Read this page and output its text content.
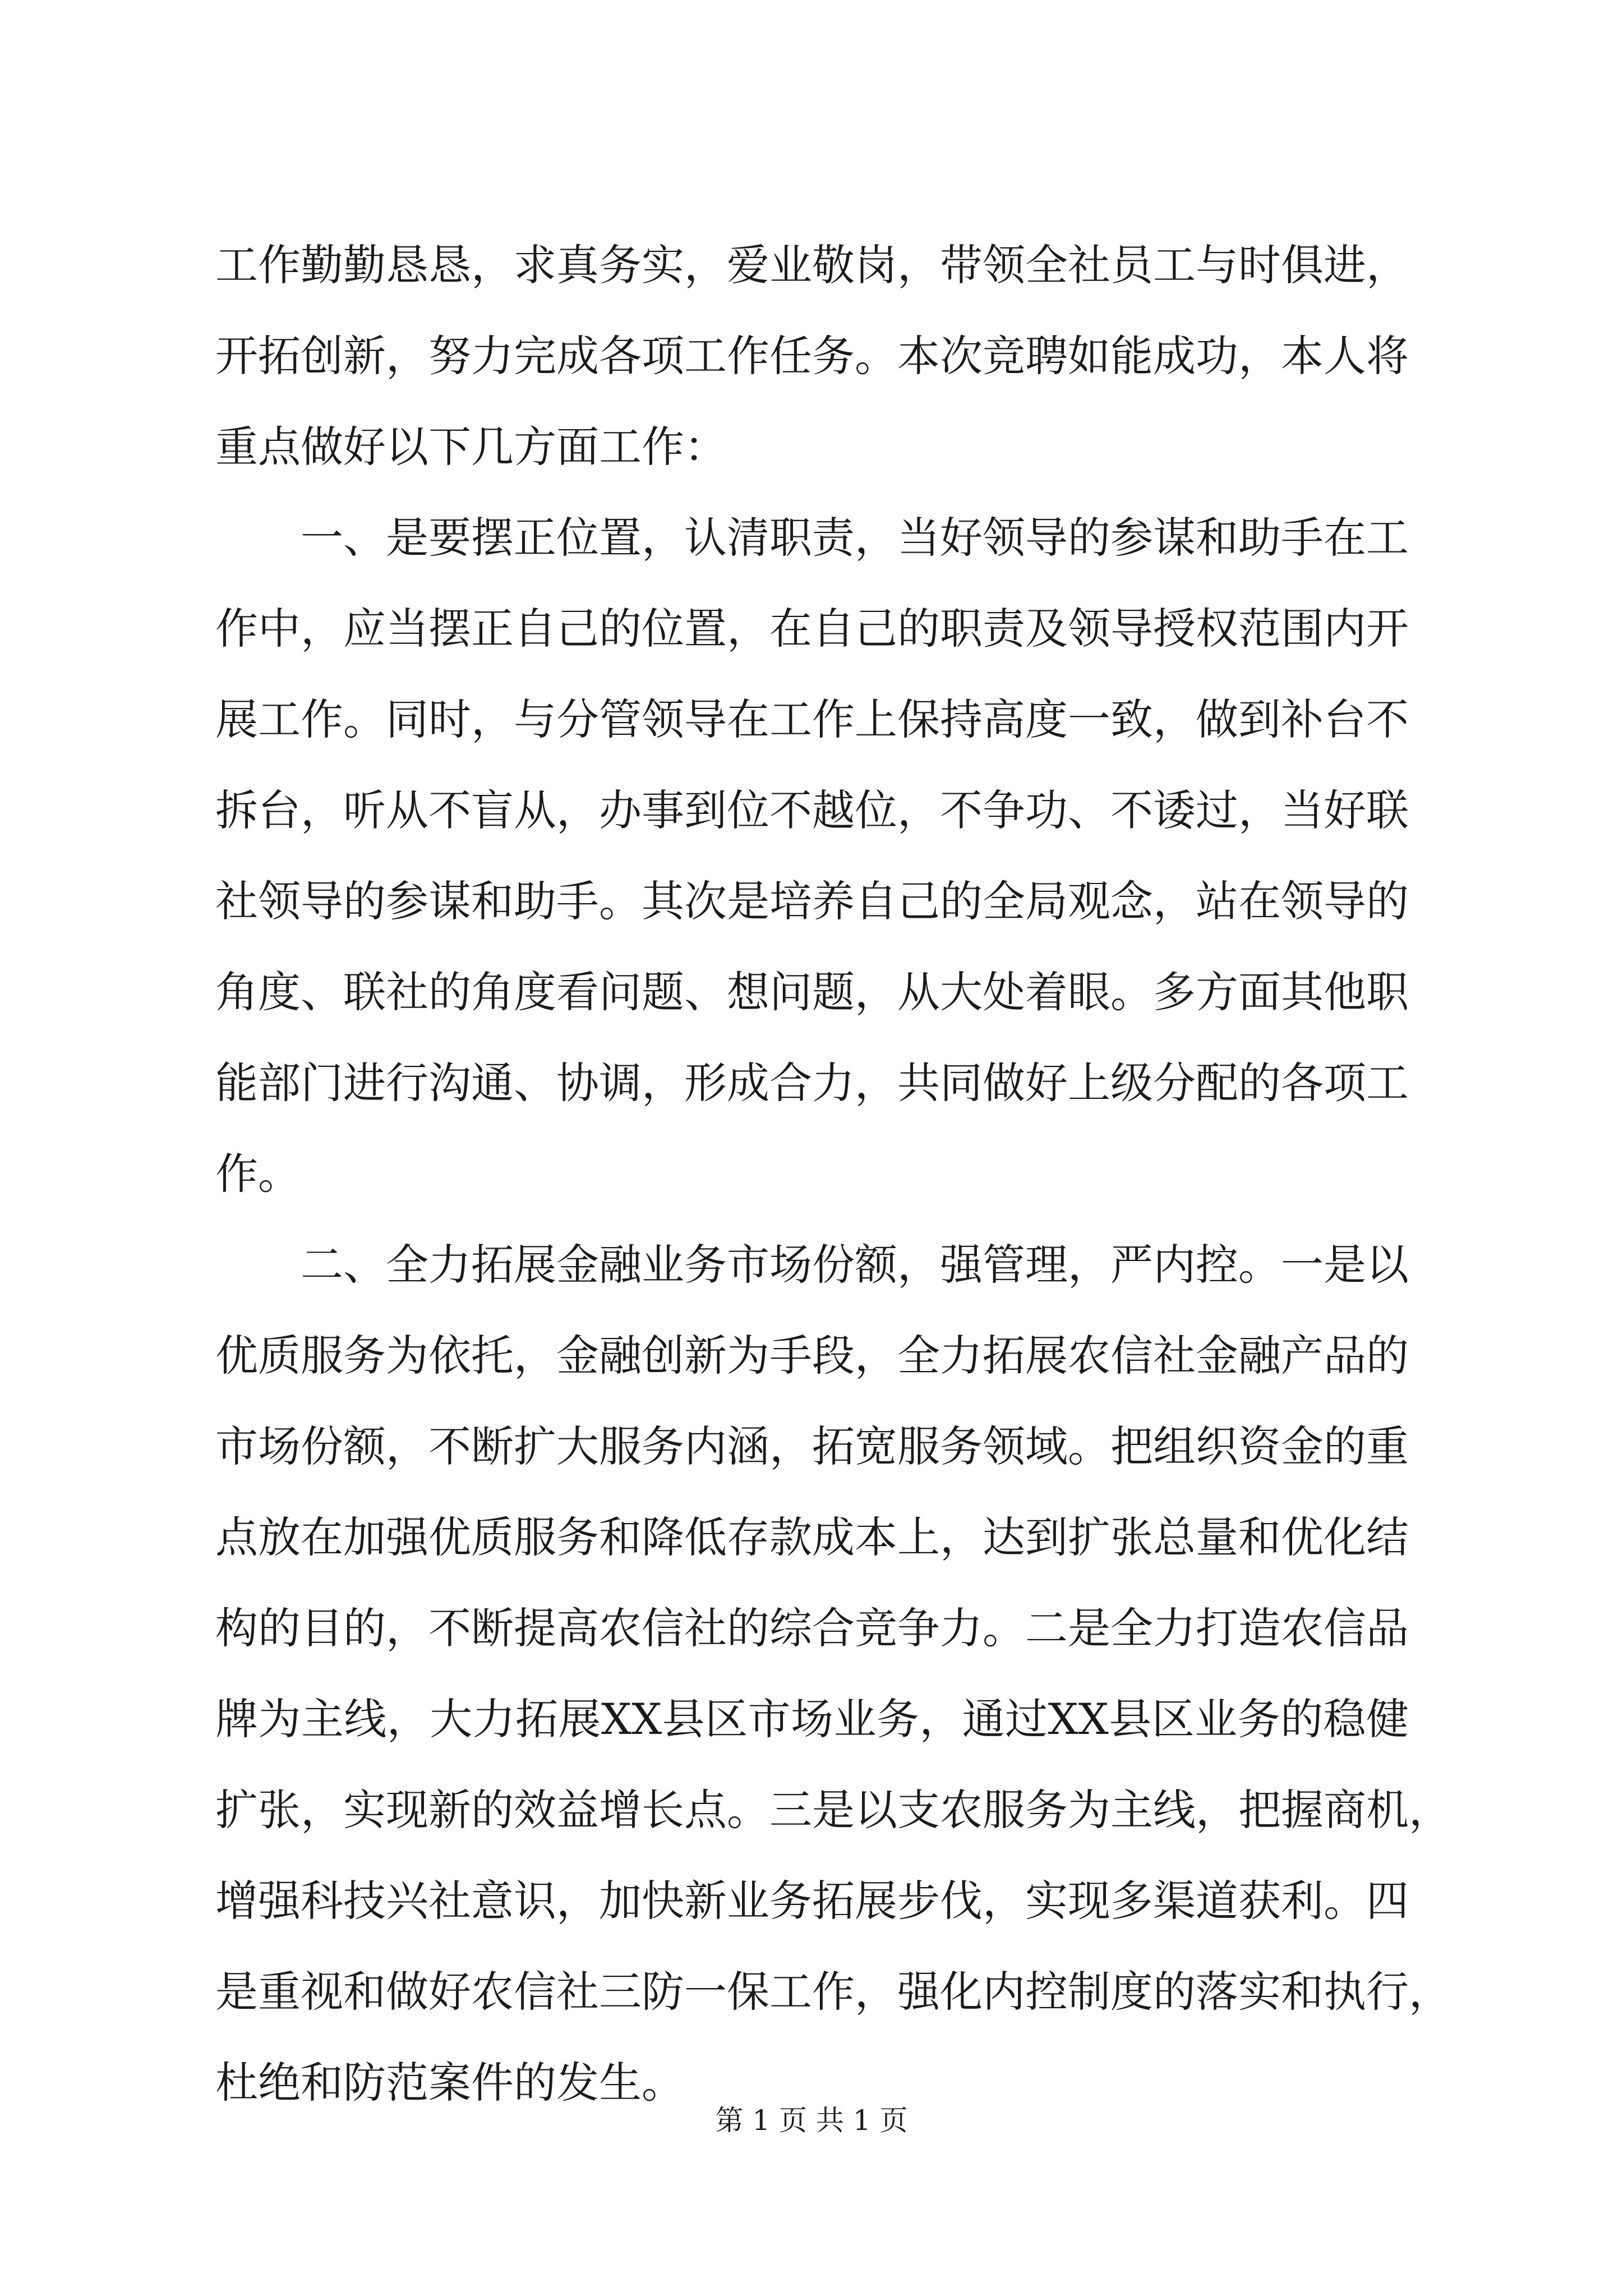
工作勤勤恳恳，求真务实，爱业敬岗，带领全社员工与时俱进，
开拓创新，努力完成各项工作任务。本次竞聘如能成功，本人将
重点做好以下几方面工作：
一、是要摆正位置，认清职责，当好领导的参谋和助手在工
作中，应当摆正自己的位置，在自己的职责及领导授权范围内开
展工作。同时，与分管领导在工作上保持高度一致，做到补台不
拆台，听从不盲从，办事到位不越位，不争功、不诿过，当好联
社领导的参谋和助手。其次是培养自己的全局观念，站在领导的
角度、联社的角度看问题、想问题，从大处着眼。多方面其他职
能部门进行沟通、协调，形成合力，共同做好上级分配的各项工
作。
二、全力拓展金融业务市场份额，强管理，严内控。一是以
优质服务为依托，金融创新为手段，全力拓展农信社金融产品的
市场份额，不断扩大服务内涵，拓宽服务领域。把组织资金的重
点放在加强优质服务和降低存款成本上，达到扩张总量和优化结
构的目的，不断提高农信社的综合竞争力。二是全力打造农信品
牌为主线，大力拓展XX县区市场业务，通过XX县区业务的稳健
扩张，实现新的效益增长点。三是以支农服务为主线，把握商机，
增强科技兴社意识，加快新业务拓展步伐，实现多渠道获利。四
是重视和做好农信社三防一保工作，强化内控制度的落实和执行，
杜绝和防范案件的发生。
第 1 页 共 1 页
